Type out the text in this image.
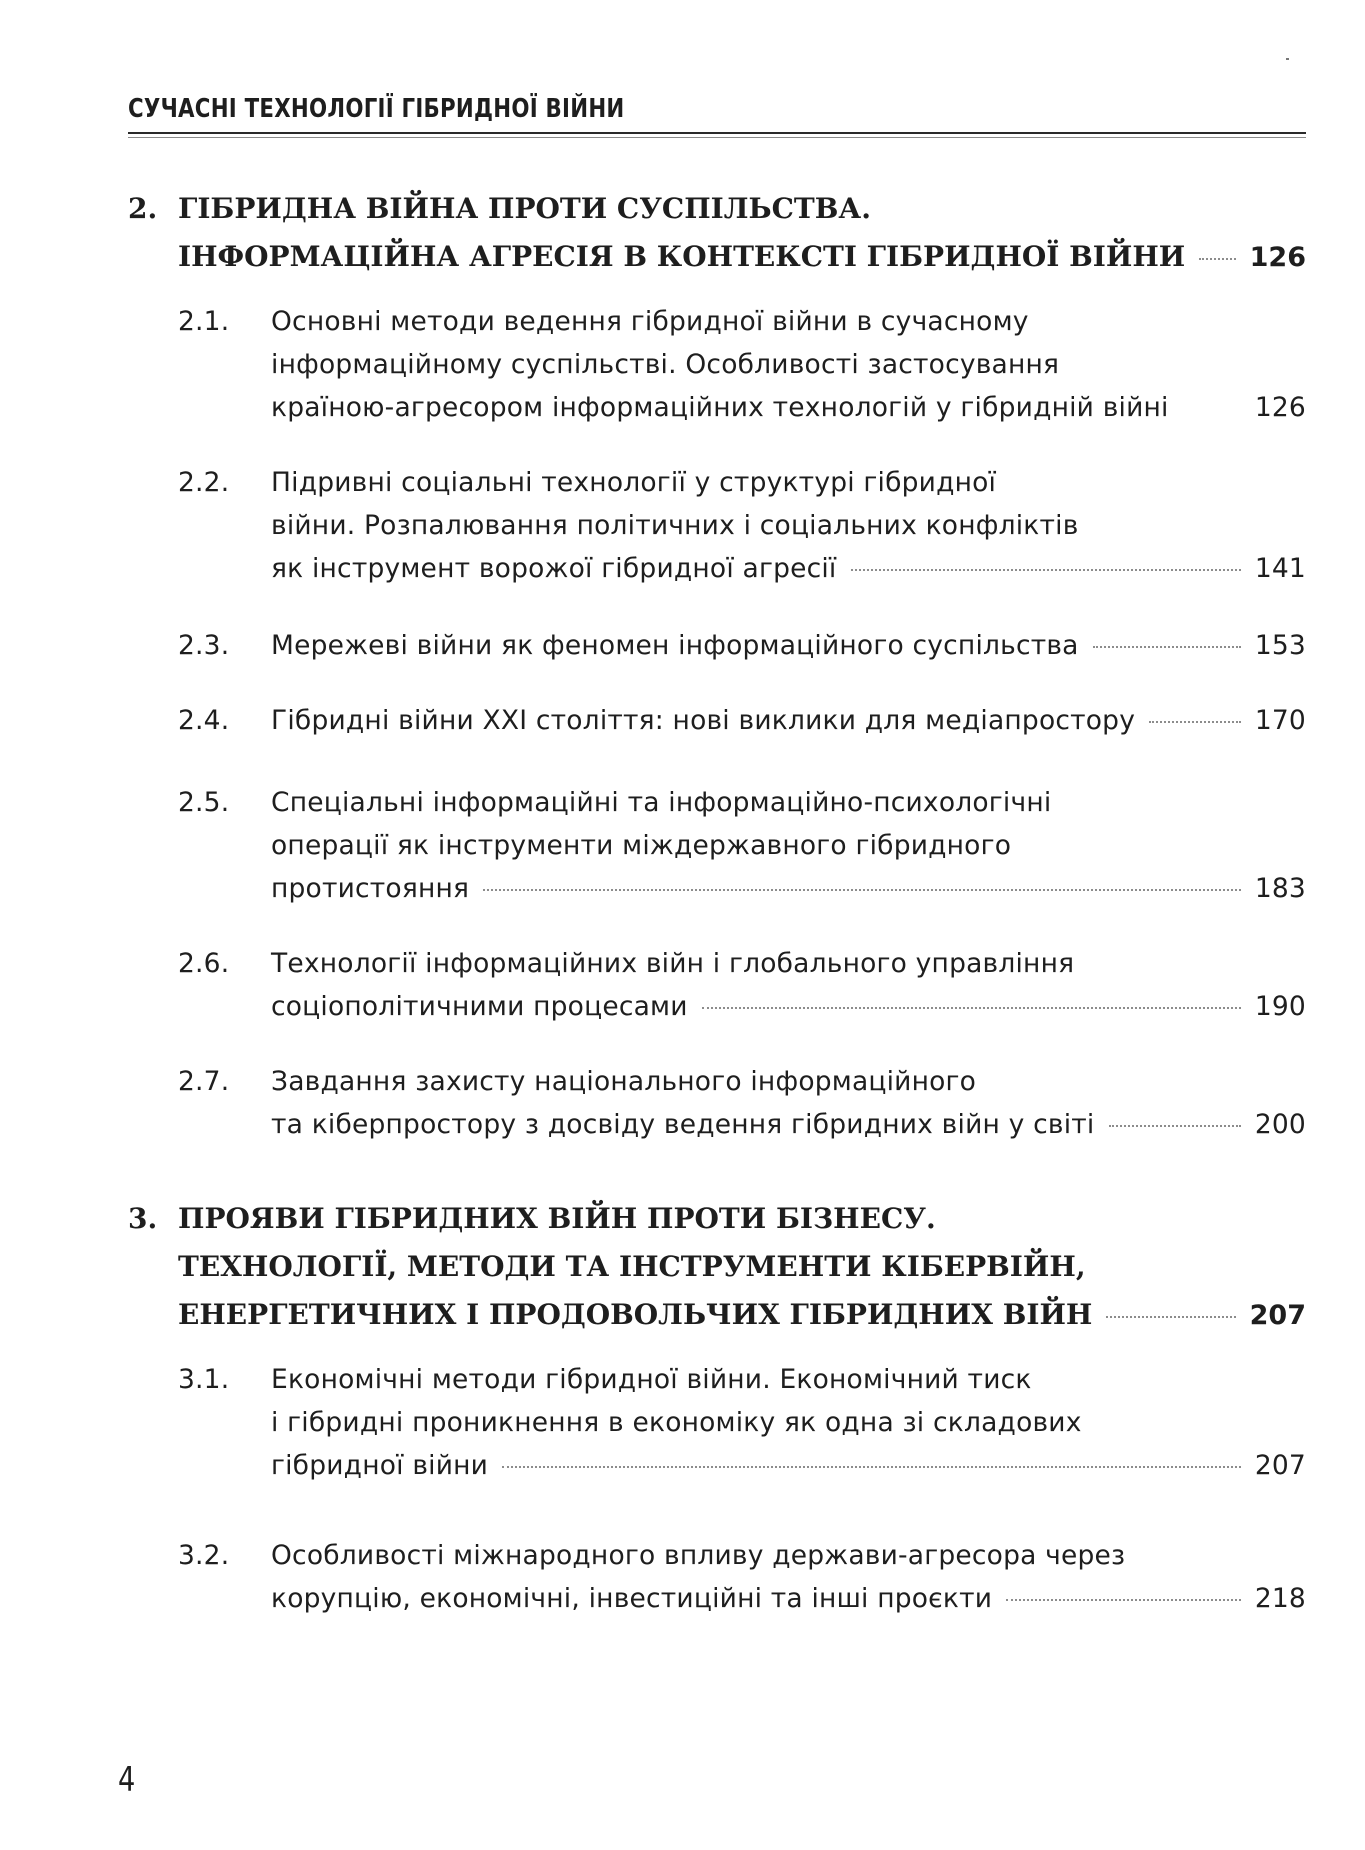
СУЧАСНІ ТЕХНОЛОГІЇ ГІБРИДНОЇ ВІЙНИ
2. ГІБРИДНА ВІЙНА ПРОТИ СУСПІЛЬСТВА.
ІНФОРМАЦІЙНА АГРЕСІЯ В КОНТЕКСТІ ГІБРИДНОЇ ВІЙНИ 126
2.1.	Основні методи ведення гібридної війни в сучасному
інформаційному суспільстві. Особливості застосування
країною-агресором інформаційних технологій у гібридній війні	126
2.2.	Підривні соціальні технології у структурі гібридної
війни. Розпалювання політичних і соціальних конфліктів
як інструмент ворожої гібридної агресії	141
2.3.	Мережеві війни як феномен інформаційного суспільства	153
2.4.	Гібридні війни XXI століття: нові виклики для медіапростору	170
2.5.	Спеціальні інформаційні та інформаційно-психологічні
операції як інструменти міждержавного гібридного
протистояння	183
2.6.	Технології інформаційних війн і глобального управління
соціополітичними процесами	190
2.7.	Завдання захисту національного інформаційного
та кіберпростору з досвіду ведення гібридних війн у світі	200
3. ПРОЯВИ ГІБРИДНИХ ВІЙН ПРОТИ БІЗНЕСУ.
ТЕХНОЛОГІЇ, МЕТОДИ ТА ІНСТРУМЕНТИ КІБЕРВІЙН,
ЕНЕРГЕТИЧНИХ І ПРОДОВОЛЬЧИХ ГІБРИДНИХ ВІЙН	207
3.1.	Економічні методи гібридної війни. Економічний тиск
і гібридні проникнення в економіку як одна зі складових
гібридної війни	207
3.2.	Особливості міжнародного впливу держави-агресора через
корупцію, економічні, інвестиційні та інші проєкти	218
4
